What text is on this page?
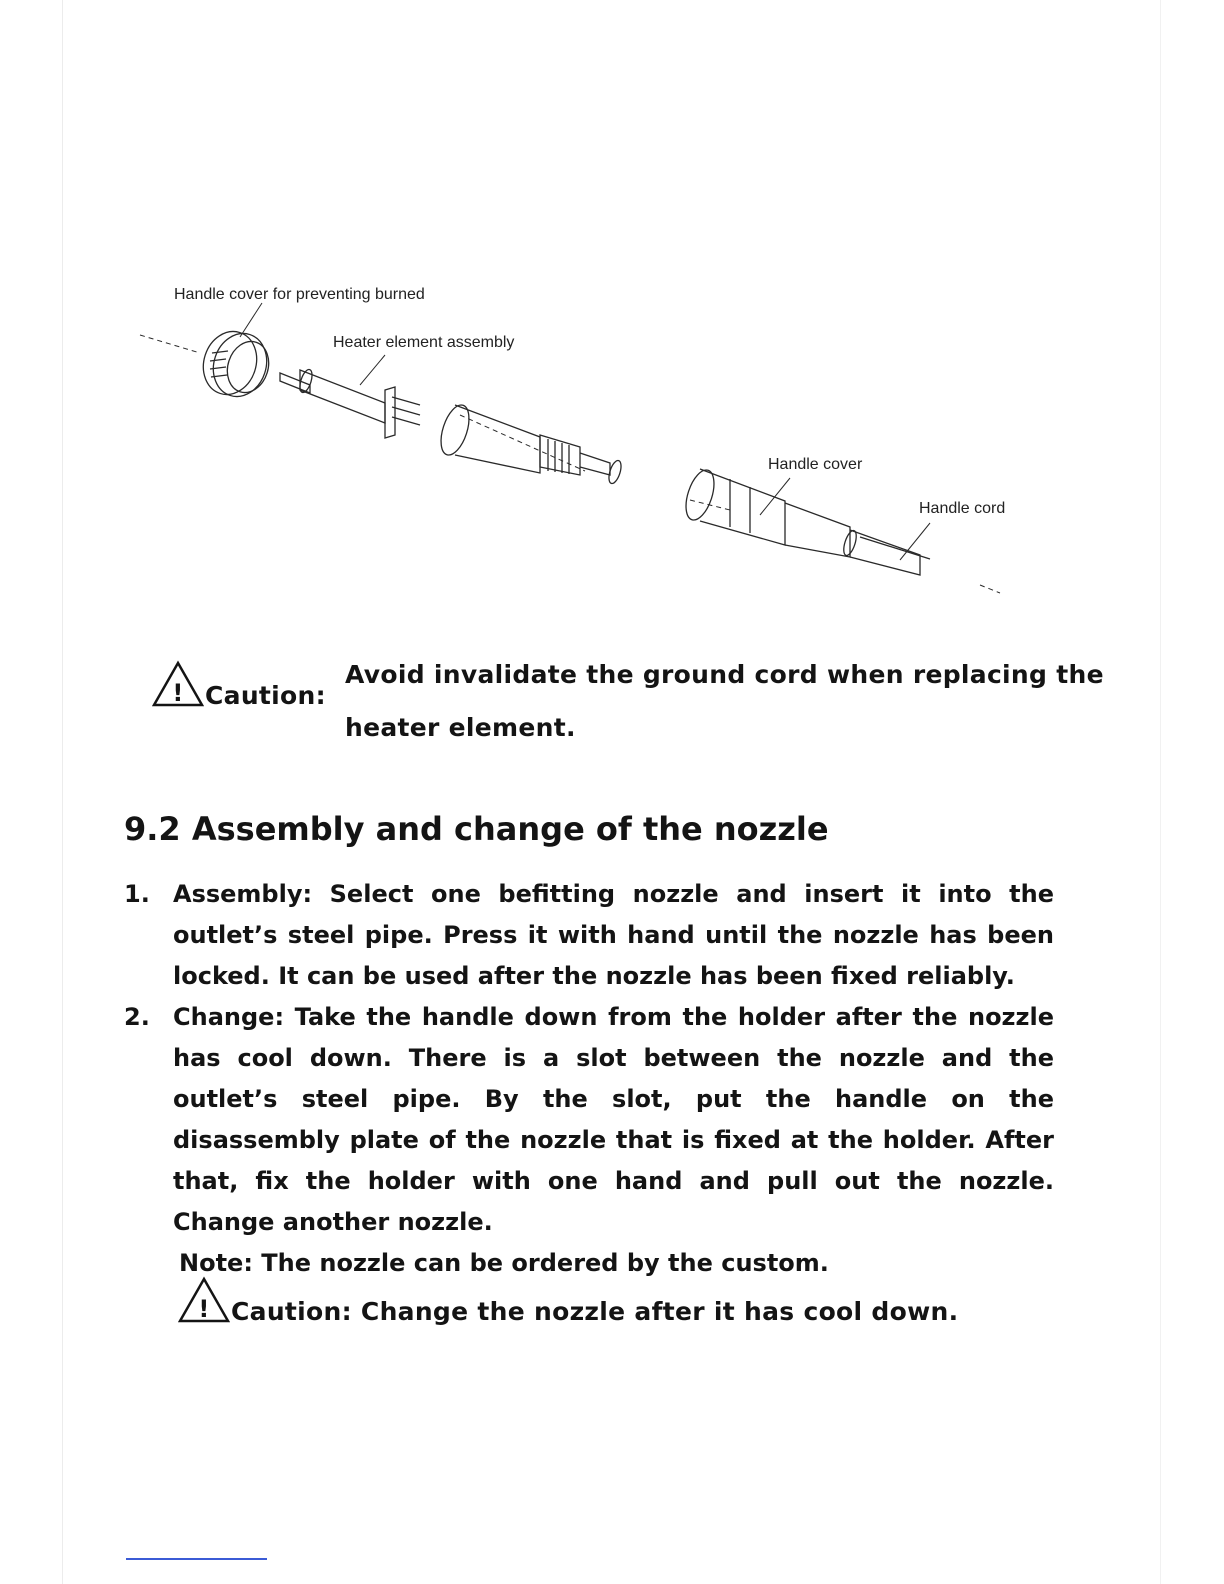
Handle cover for preventing burned
Heater element assembly
Handle cover
Handle cord
! Caution:
Avoid invalidate the ground cord when replacing the
heater element.
9.2 Assembly and change of the nozzle
1. Assembly: Select one befitting nozzle and insert it into the outlet’s steel pipe. Press it with hand until the nozzle has been locked. It can be used after the nozzle has been fixed reliably.
2. Change: Take the handle down from the holder after the nozzle has cool down. There is a slot between the nozzle and the outlet’s steel pipe. By the slot, put the handle on the disassembly plate of the nozzle that is fixed at the holder. After that, fix the holder with one hand and pull out the nozzle. Change another nozzle.
Note: The nozzle can be ordered by the custom.
! Caution: Change the nozzle after it has cool down.
